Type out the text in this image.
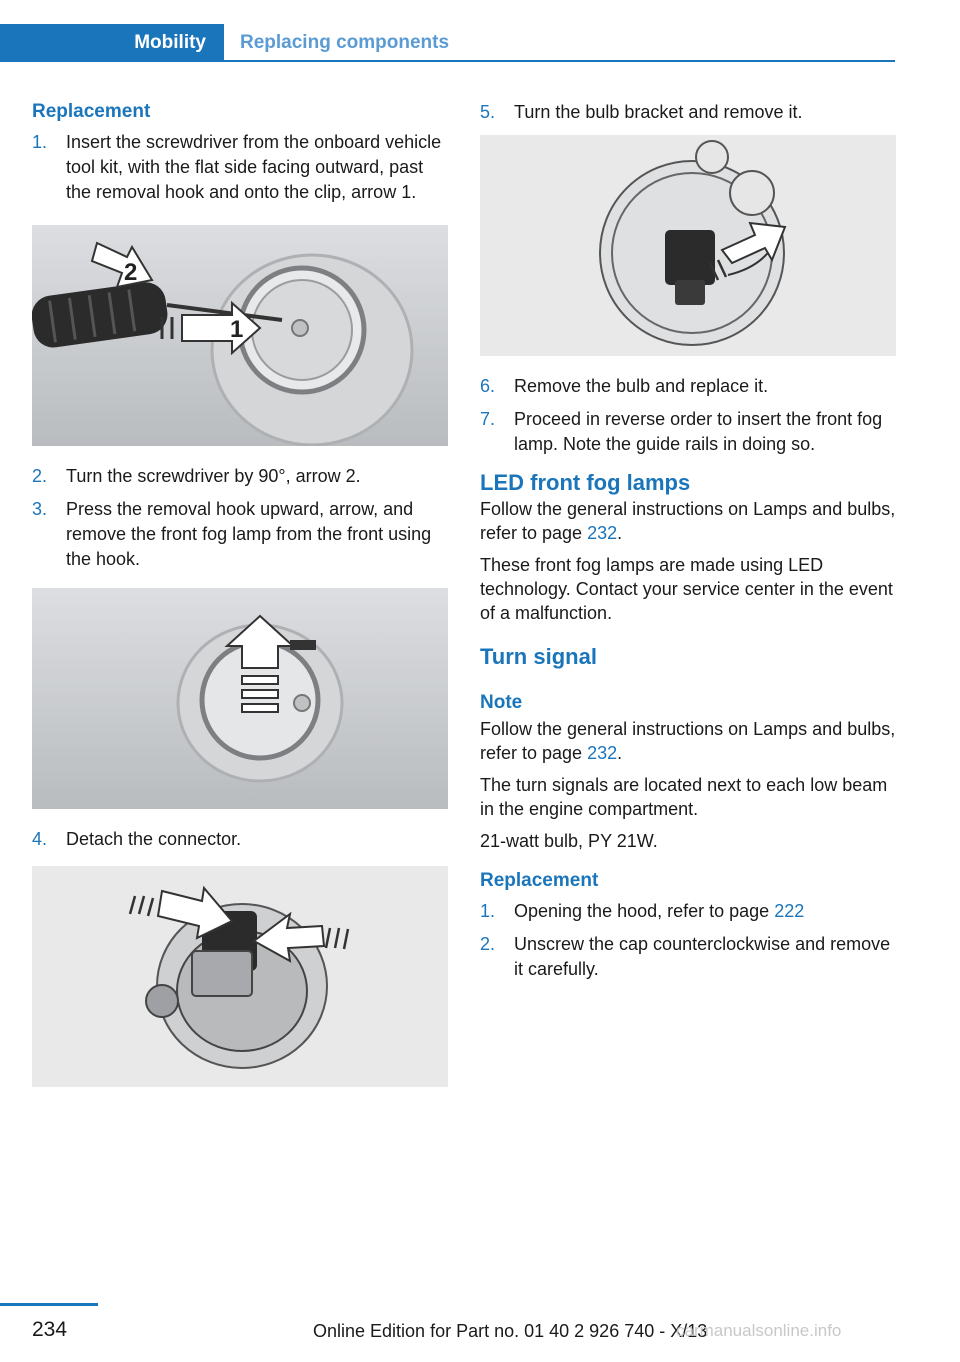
Mobility	Replacing components
Replacement
1.	Insert the screwdriver from the onboard vehicle tool kit, with the flat side facing outward, past the removal hook and onto the clip, arrow 1.
1
2
2.	Turn the screwdriver by 90°, arrow 2.
3.	Press the removal hook upward, arrow, and remove the front fog lamp from the front using the hook.
4.	Detach the connector.
5.	Turn the bulb bracket and remove it.
6.	Remove the bulb and replace it.
7.	Proceed in reverse order to insert the front fog lamp. Note the guide rails in doing so.
LED front fog lamps

Follow the general instructions on Lamps and bulbs, refer to page 232.

These front fog lamps are made using LED technology. Contact your service center in the event of a malfunction.

Turn signal
Note

Follow the general instructions on Lamps and bulbs, refer to page 232.

The turn signals are located next to each low beam in the engine compartment.

21-watt bulb, PY 21W.

Replacement
1.	Opening the hood, refer to page 222
2.	Unscrew the cap counterclockwise and remove it carefully.
234	Online Edition for Part no. 01 40 2 926 740 - X/13
carmanualsonline.info
